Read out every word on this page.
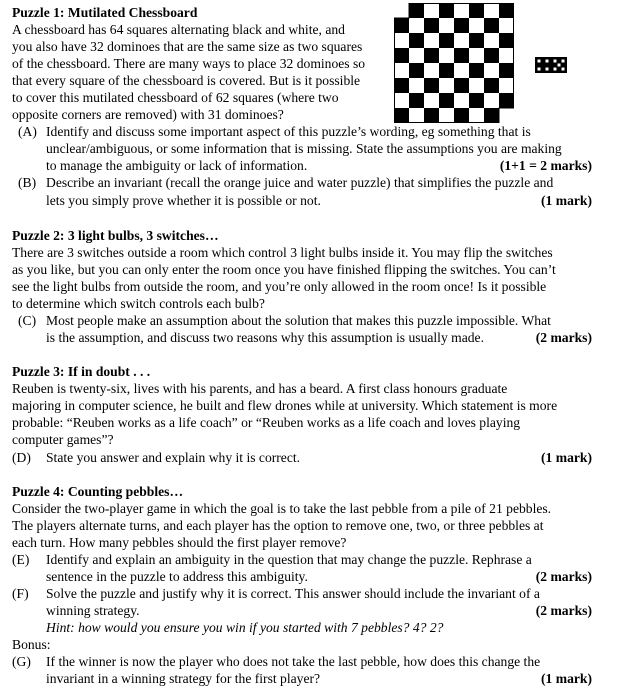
Puzzle 1: Mutilated Chessboard
A chessboard has 64 squares alternating black and white, and
you also have 32 dominoes that are the same size as two squares
of the chessboard. There are many ways to place 32 dominoes so
that every square of the chessboard is covered. But is it possible
to cover this mutilated chessboard of 62 squares (where two
opposite corners are removed) with 31 dominoes?
(A) Identify and discuss some important aspect of this puzzle’s wording, eg something that is
unclear/ambiguous, or some information that is missing. State the assumptions you are making
to manage the ambiguity or lack of information.	(1+1 = 2 marks)
(B) Describe an invariant (recall the orange juice and water puzzle) that simplifies the puzzle and
lets you simply prove whether it is possible or not.	(1 mark)
Puzzle 2: 3 light bulbs, 3 switches…
There are 3 switches outside a room which control 3 light bulbs inside it. You may flip the switches
as you like, but you can only enter the room once you have finished flipping the switches. You can’t
see the light bulbs from outside the room, and you’re only allowed in the room once! Is it possible
to determine which switch controls each bulb?
(C) Most people make an assumption about the solution that makes this puzzle impossible. What
is the assumption, and discuss two reasons why this assumption is usually made.	(2 marks)
Puzzle 3: If in doubt . . .
Reuben is twenty-six, lives with his parents, and has a beard. A first class honours graduate
majoring in computer science, he built and flew drones while at university. Which statement is more
probable: “Reuben works as a life coach” or “Reuben works as a life coach and loves playing
computer games”?
(D) State you answer and explain why it is correct.	(1 mark)
Puzzle 4: Counting pebbles…
Consider the two-player game in which the goal is to take the last pebble from a pile of 21 pebbles.
The players alternate turns, and each player has the option to remove one, two, or three pebbles at
each turn. How many pebbles should the first player remove?
(E) Identify and explain an ambiguity in the question that may change the puzzle. Rephrase a
sentence in the puzzle to address this ambiguity.	(2 marks)
(F) Solve the puzzle and justify why it is correct. This answer should include the invariant of a
winning strategy.	(2 marks)
Hint: how would you ensure you win if you started with 7 pebbles? 4? 2?
Bonus:
(G) If the winner is now the player who does not take the last pebble, how does this change the
invariant in a winning strategy for the first player?	(1 mark)
